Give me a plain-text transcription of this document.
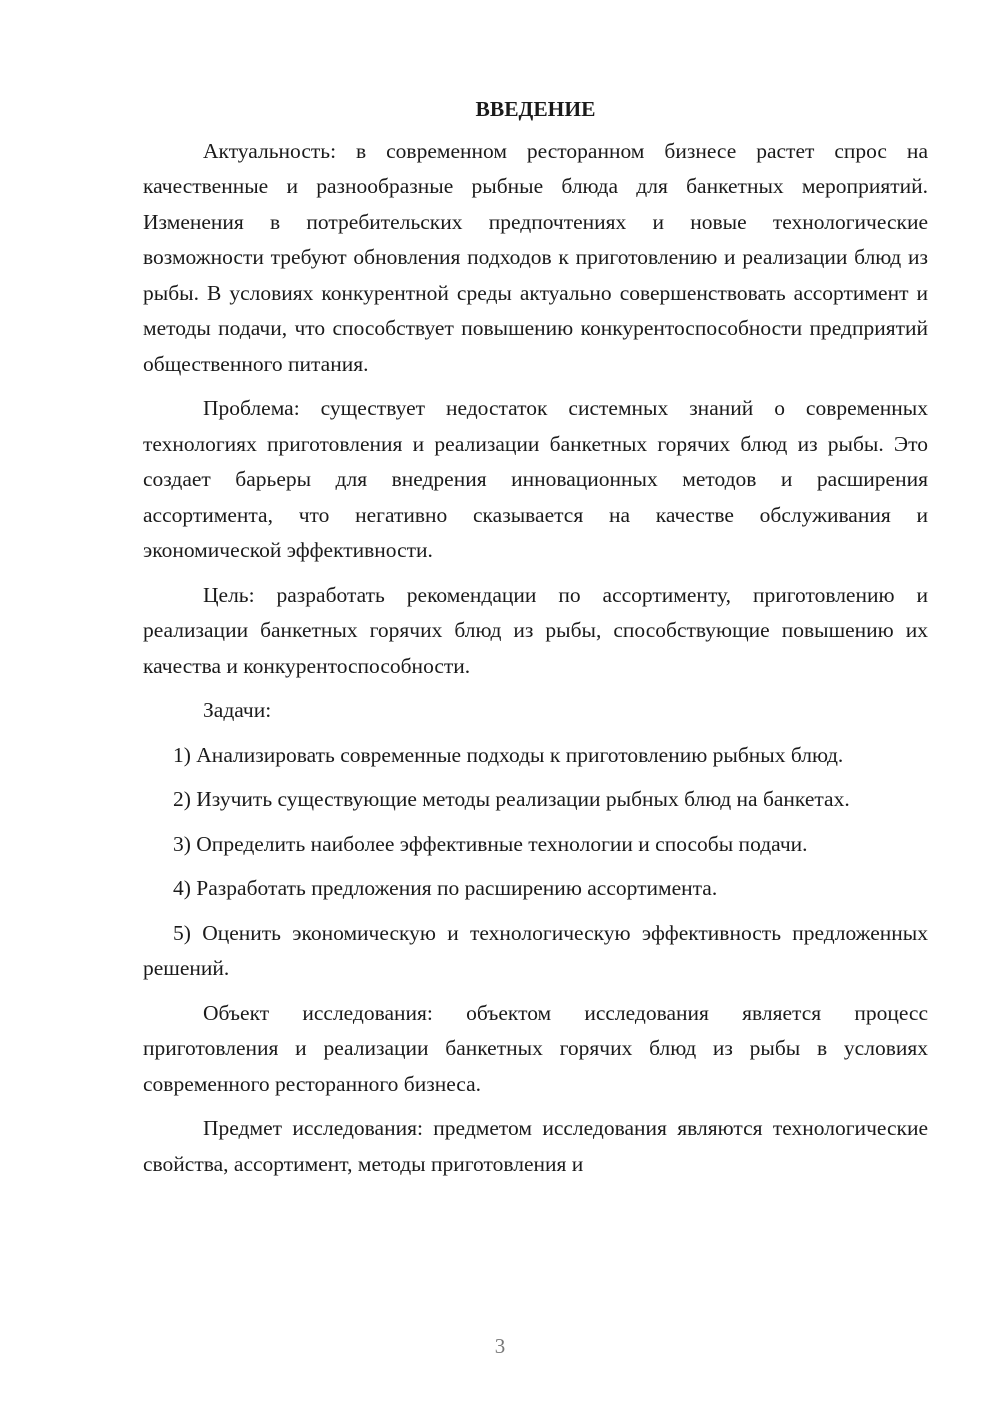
ВВЕДЕНИЕ

Актуальность: в современном ресторанном бизнесе растет спрос на качественные и разнообразные рыбные блюда для банкетных мероприятий. Изменения в потребительских предпочтениях и новые технологические возможности требуют обновления подходов к приготовлению и реализации блюд из рыбы. В условиях конкурентной среды актуально совершенствовать ассортимент и методы подачи, что способствует повышению конкурентоспособности предприятий общественного питания.

Проблема: существует недостаток системных знаний о современных технологиях приготовления и реализации банкетных горячих блюд из рыбы. Это создает барьеры для внедрения инновационных методов и расширения ассортимента, что негативно сказывается на качестве обслуживания и экономической эффективности.

Цель: разработать рекомендации по ассортименту, приготовлению и реализации банкетных горячих блюд из рыбы, способствующие повышению их качества и конкурентоспособности.

Задачи:

1) Анализировать современные подходы к приготовлению рыбных блюд.

2) Изучить существующие методы реализации рыбных блюд на банкетах.

3) Определить наиболее эффективные технологии и способы подачи.

4) Разработать предложения по расширению ассортимента.

5) Оценить экономическую и технологическую эффективность предложенных решений.

Объект исследования: объектом исследования является процесс приготовления и реализации банкетных горячих блюд из рыбы в условиях современного ресторанного бизнеса.

Предмет исследования: предметом исследования являются технологические свойства, ассортимент, методы приготовления и

3
